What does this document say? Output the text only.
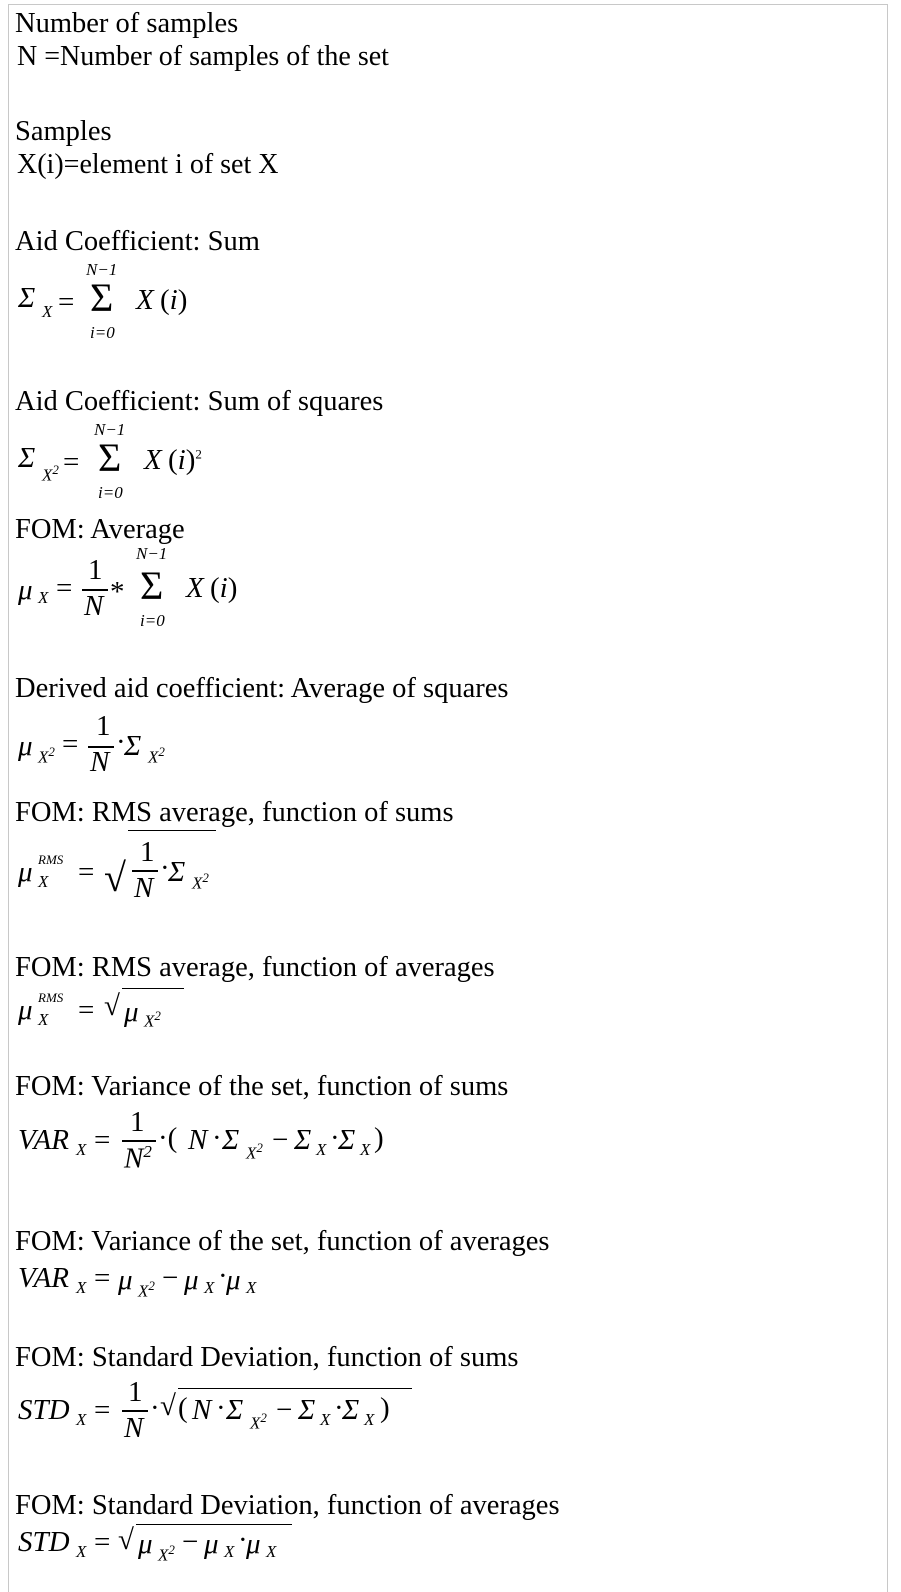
Number of samples
N =Number of samples of the set
Samples
X(i)=element i of set X
Aid Coefficient: Sum
Σ X =
N−1
Σ
i=0
X (i)
Aid Coefficient: Sum of squares
Σ
$X^2$ =
N−1
Σ
i=0
X $(i)^2$
FOM: Average
μ X =
1
N *
N−1
Σ
i=0
X (i)
Derived aid coefficient: Average of squares
μ $X^2$ =
1
N
·
Σ $X^2$
FOM: RMS average, function of sums
μ RMS
X = √
1
N
·
Σ $X^2$
FOM: RMS average, function of averages
μ RMS
X = √ μ $X^2$
FOM: Variance of the set, function of sums
VAR X =
1
$N^2$ ·( N · Σ $X^2 - \Sigma$ X ·
Σ X )
FOM: Variance of the set, function of averages
VAR X = μ $X^2 - \mu$ X ·
μ X
FOM: Standard Deviation, function of sums
STD X =
1
N
· √ ( N · Σ $X^2 - \Sigma$ X ·
Σ X )
FOM: Standard Deviation, function of averages
STD X = √ μ $X^2 - \mu$ X ·
μ X
